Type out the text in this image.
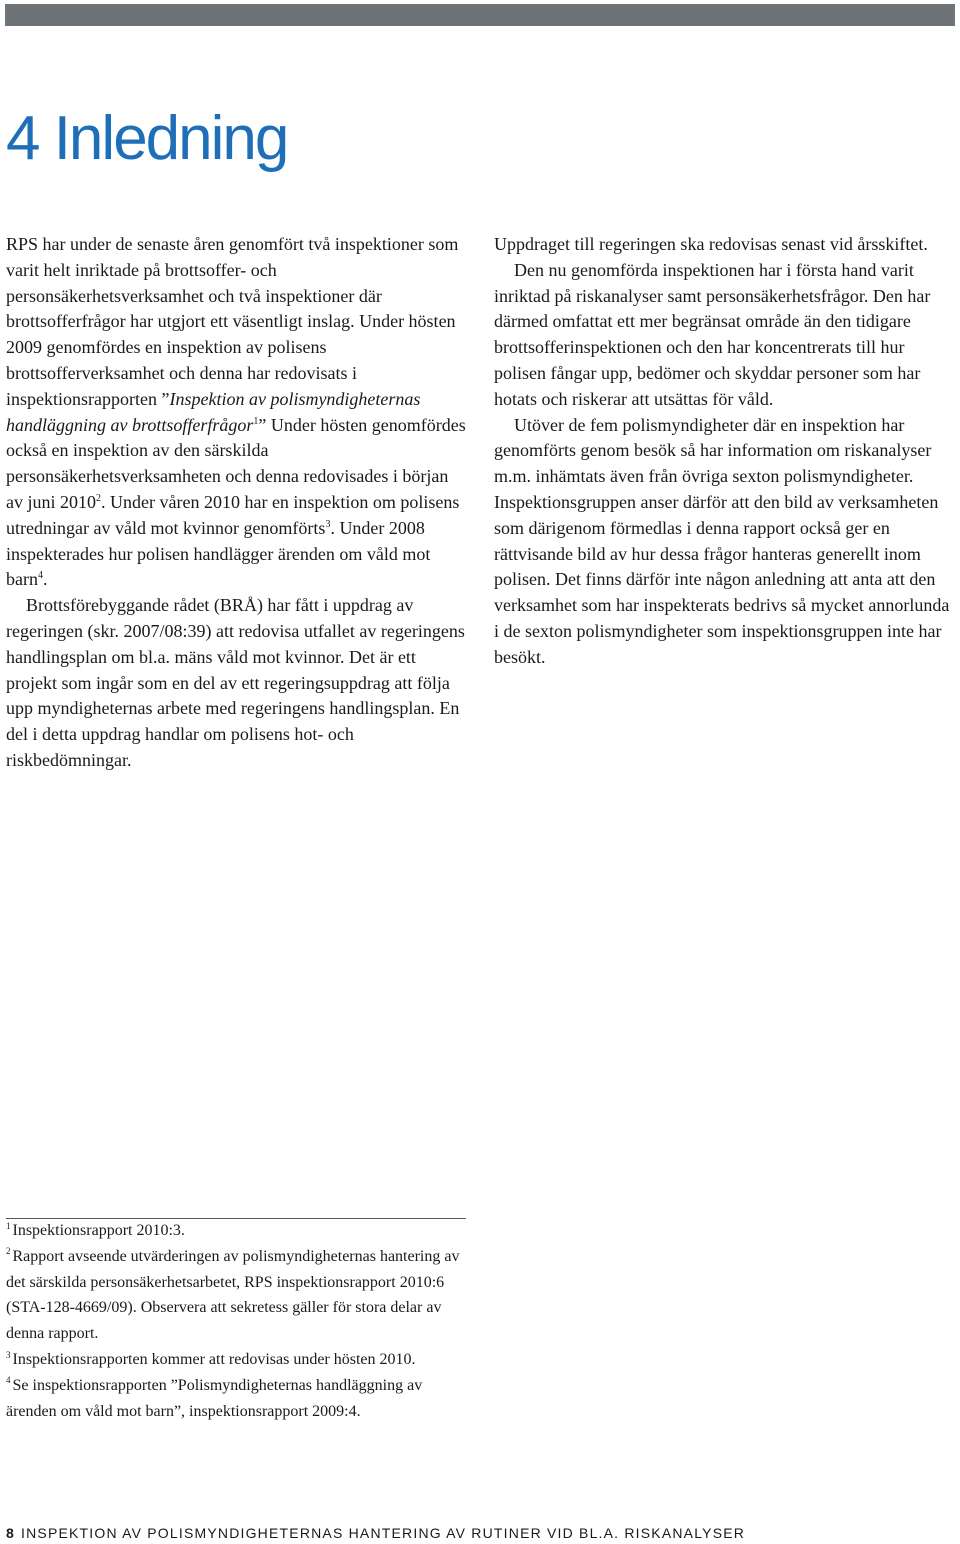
4 Inledning

RPS har under de senaste åren genomfört två inspektioner som varit helt inriktade på brottsoffer- och personsäkerhetsverksamhet och två inspektioner där brottsofferfrågor har utgjort ett väsentligt inslag. Under hösten 2009 genomfördes en inspektion av polisens brottsofferverksamhet och denna har redovisats i inspektionsrapporten ”Inspektion av polismyndigheternas handläggning av brottsofferfrågor$^1$” Under hösten genomfördes också en inspektion av den särskilda personsäkerhetsverksamheten och denna redovisades i början av juni 2010$^2$. Under våren 2010 har en inspektion om polisens utredningar av våld mot kvinnor genomförts$^3$. Under 2008 inspekterades hur polisen handlägger ärenden om våld mot barn$^4$.

Brottsförebyggande rådet (BRÅ) har fått i uppdrag av regeringen (skr. 2007/08:39) att redovisa utfallet av regeringens handlingsplan om bl.a. mäns våld mot kvinnor. Det är ett projekt som ingår som en del av ett regeringsuppdrag att följa upp myndigheternas arbete med regeringens handlingsplan. En del i detta uppdrag handlar om polisens hot- och riskbedömningar.

Uppdraget till regeringen ska redovisas senast vid årsskiftet.

Den nu genomförda inspektionen har i första hand varit inriktad på riskanalyser samt personsäkerhetsfrågor. Den har därmed omfattat ett mer begränsat område än den tidigare brottsofferinspektionen och den har koncentrerats till hur polisen fångar upp, bedömer och skyddar personer som har hotats och riskerar att utsättas för våld.

Utöver de fem polismyndigheter där en inspektion har genomförts genom besök så har information om riskanalyser m.m. inhämtats även från övriga sexton polismyndigheter. Inspektionsgruppen anser därför att den bild av verksamheten som därigenom förmedlas i denna rapport också ger en rättvisande bild av hur dessa frågor hanteras generellt inom polisen. Det finns därför inte någon anledning att anta att den verksamhet som har inspekterats bedrivs så mycket annorlunda i de sexton polismyndigheter som inspektionsgruppen inte har besökt.

$^1$ Inspektionsrapport 2010:3.

$^2$ Rapport avseende utvärderingen av polismyndigheternas hantering av det särskilda personsäkerhetsarbetet, RPS inspektionsrapport 2010:6 (STA-128-4669/09). Observera att sekretess gäller för stora delar av denna rapport.

$^3$ Inspektionsrapporten kommer att redovisas under hösten 2010.

$^4$ Se inspektionsrapporten ”Polismyndigheternas handläggning av ärenden om våld mot barn”, inspektionsrapport 2009:4.

8 INSPEKTION AV POLISMYNDIGHETERNAS HANTERING AV RUTINER VID BL.A. RISKANALYSER
